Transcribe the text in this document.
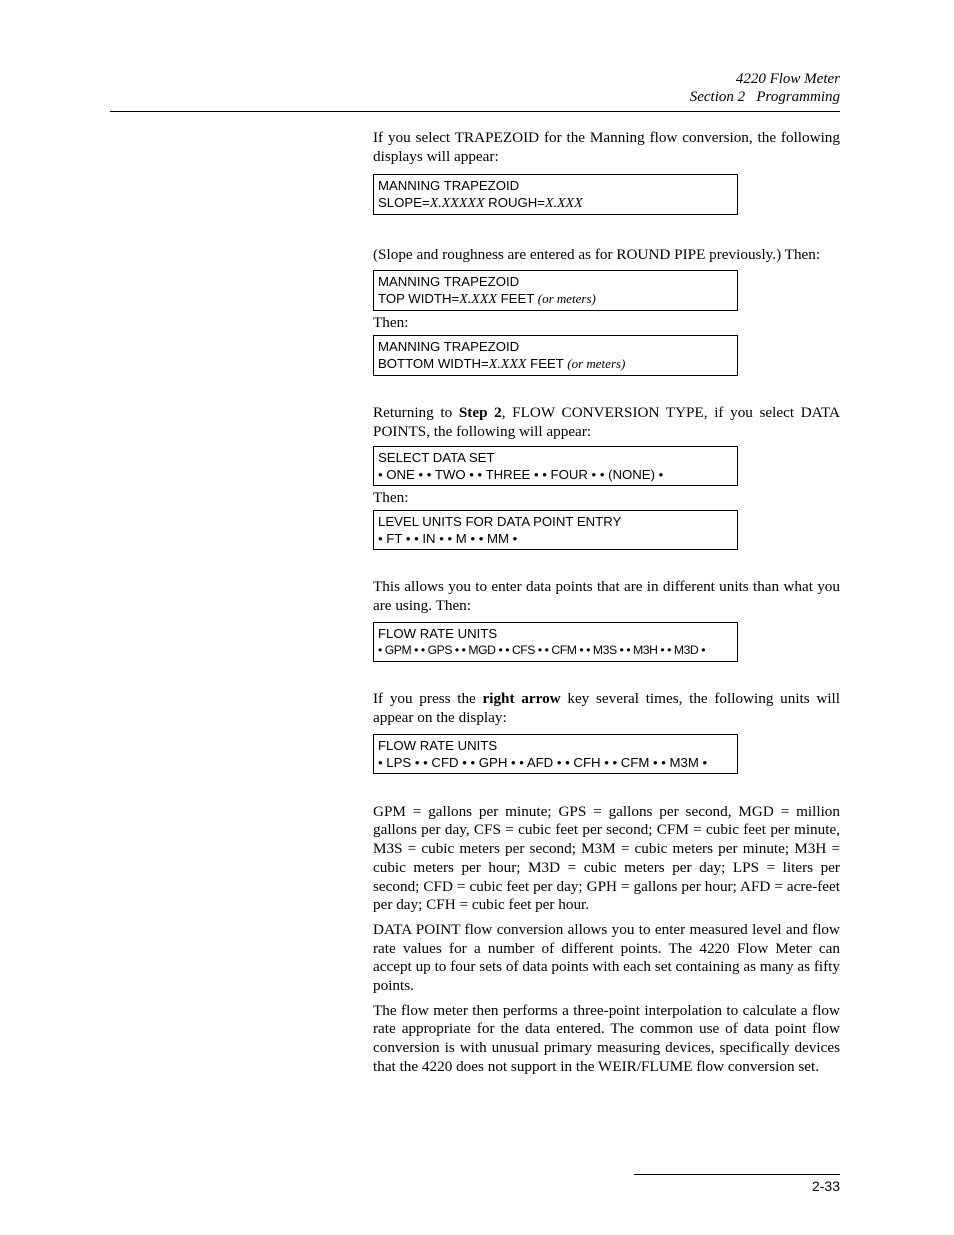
4220 Flow Meter
Section 2   Programming

If you select TRAPEZOID for the Manning flow conversion, the following displays will appear:

MANNING TRAPEZOID
SLOPE=X.XXXXX ROUGH=X.XXX

(Slope and roughness are entered as for ROUND PIPE previously.) Then:

MANNING TRAPEZOID
TOP WIDTH=X.XXX FEET (or meters)

Then:

MANNING TRAPEZOID
BOTTOM WIDTH=X.XXX FEET (or meters)

Returning to Step 2, FLOW CONVERSION TYPE, if you select DATA POINTS, the following will appear:

SELECT DATA SET
• ONE • • TWO • • THREE • • FOUR • • (NONE) •

Then:

LEVEL UNITS FOR DATA POINT ENTRY
• FT • • IN • • M • • MM •

This allows you to enter data points that are in different units than what you are using. Then:

FLOW RATE UNITS
• GPM • • GPS • • MGD • • CFS • • CFM • • M3S • • M3H • • M3D •

If you press the right arrow key several times, the following units will appear on the display:

FLOW RATE UNITS
• LPS • • CFD • • GPH • • AFD • • CFH • • CFM • • M3M •

GPM = gallons per minute; GPS = gallons per second, MGD = million gallons per day, CFS = cubic feet per second; CFM = cubic feet per minute, M3S = cubic meters per second; M3M = cubic meters per minute; M3H = cubic meters per hour; M3D = cubic meters per day; LPS = liters per second; CFD = cubic feet per day; GPH = gallons per hour; AFD = acre-feet per day; CFH = cubic feet per hour.

DATA POINT flow conversion allows you to enter measured level and flow rate values for a number of different points. The 4220 Flow Meter can accept up to four sets of data points with each set containing as many as fifty points.

The flow meter then performs a three-point interpolation to calculate a flow rate appropriate for the data entered. The common use of data point flow conversion is with unusual primary measuring devices, specifically devices that the 4220 does not support in the WEIR/FLUME flow conversion set.

2-33
